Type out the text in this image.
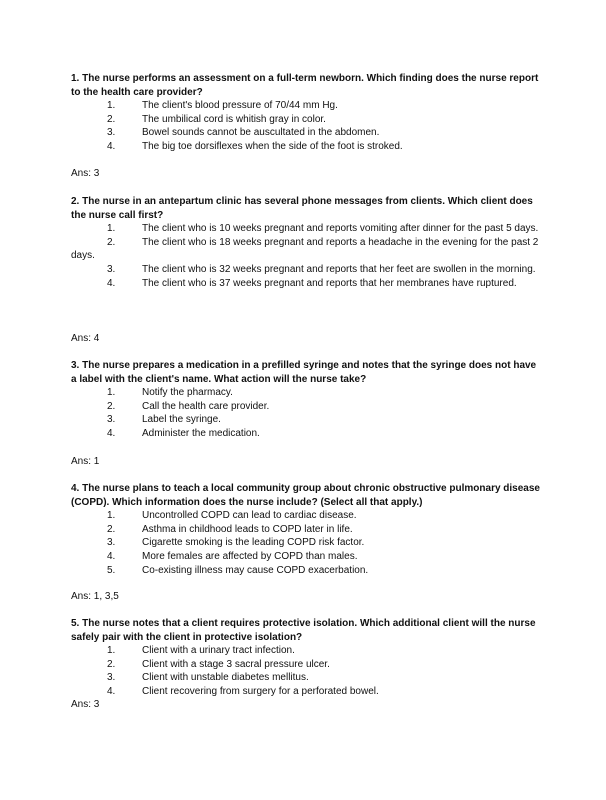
1. The nurse performs an assessment on a full-term newborn. Which finding does the nurse report to the health care provider?

1.	The client's blood pressure of 70/44 mm Hg.
2.	The umbilical cord is whitish gray in color.
3.	Bowel sounds cannot be auscultated in the abdomen.
4.	The big toe dorsiflexes when the side of the foot is stroked.

Ans: 3

2. The nurse in an antepartum clinic has several phone messages from clients. Which client does the nurse call first?

1.	The client who is 10 weeks pregnant and reports vomiting after dinner for the past 5 days.
2.	The client who is 18 weeks pregnant and reports a headache in the evening for the past 2 days.
3.	The client who is 32 weeks pregnant and reports that her feet are swollen in the morning.
4.	The client who is 37 weeks pregnant and reports that her membranes have ruptured.

Ans: 4

3. The nurse prepares a medication in a prefilled syringe and notes that the syringe does not have a label with the client's name. What action will the nurse take?

1.	Notify the pharmacy.
2.	Call the health care provider.
3.	Label the syringe.
4.	Administer the medication.

Ans: 1

4. The nurse plans to teach a local community group about chronic obstructive pulmonary disease (COPD). Which information does the nurse include? (Select all that apply.)

1.	Uncontrolled COPD can lead to cardiac disease.
2.	Asthma in childhood leads to COPD later in life.
3.	Cigarette smoking is the leading COPD risk factor.
4.	More females are affected by COPD than males.
5.	Co-existing illness may cause COPD exacerbation.

Ans: 1, 3,5

5. The nurse notes that a client requires protective isolation. Which additional client will the nurse safely pair with the client in protective isolation?

1.	Client with a urinary tract infection.
2.	Client with a stage 3 sacral pressure ulcer.
3.	Client with unstable diabetes mellitus.
4.	Client recovering from surgery for a perforated bowel.

Ans: 3
